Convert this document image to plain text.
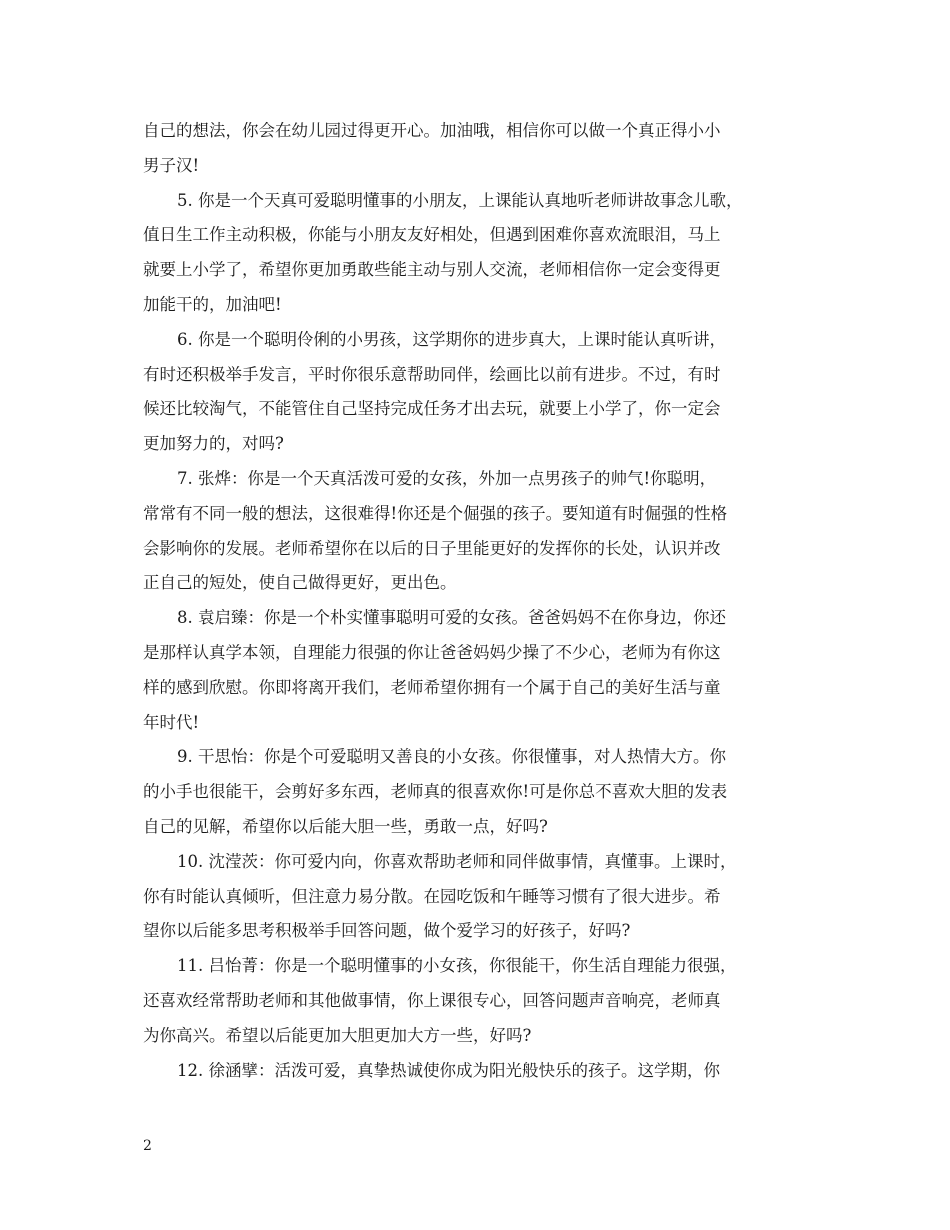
自己的想法，你会在幼儿园过得更开心。加油哦，相信你可以做一个真正得小小
男子汉!
5. 你是一个天真可爱聪明懂事的小朋友，上课能认真地听老师讲故事念儿歌，
值日生工作主动积极，你能与小朋友友好相处，但遇到困难你喜欢流眼泪，马上
就要上小学了，希望你更加勇敢些能主动与别人交流，老师相信你一定会变得更
加能干的，加油吧!
6. 你是一个聪明伶俐的小男孩，这学期你的进步真大，上课时能认真听讲，
有时还积极举手发言，平时你很乐意帮助同伴，绘画比以前有进步。不过，有时
候还比较淘气，不能管住自己坚持完成任务才出去玩，就要上小学了，你一定会
更加努力的，对吗?
7. 张烨：你是一个天真活泼可爱的女孩，外加一点男孩子的帅气!你聪明，
常常有不同一般的想法，这很难得!你还是个倔强的孩子。要知道有时倔强的性格
会影响你的发展。老师希望你在以后的日子里能更好的发挥你的长处，认识并改
正自己的短处，使自己做得更好，更出色。
8. 袁启臻：你是一个朴实懂事聪明可爱的女孩。爸爸妈妈不在你身边，你还
是那样认真学本领，自理能力很强的你让爸爸妈妈少操了不少心，老师为有你这
样的感到欣慰。你即将离开我们，老师希望你拥有一个属于自己的美好生活与童
年时代!
9. 干思怡：你是个可爱聪明又善良的小女孩。你很懂事，对人热情大方。你
的小手也很能干，会剪好多东西，老师真的很喜欢你!可是你总不喜欢大胆的发表
自己的见解，希望你以后能大胆一些，勇敢一点，好吗?
10. 沈滢茨：你可爱内向，你喜欢帮助老师和同伴做事情，真懂事。上课时，
你有时能认真倾听，但注意力易分散。在园吃饭和午睡等习惯有了很大进步。希
望你以后能多思考积极举手回答问题，做个爱学习的好孩子，好吗?
11. 吕怡菁：你是一个聪明懂事的小女孩，你很能干，你生活自理能力很强，
还喜欢经常帮助老师和其他做事情，你上课很专心，回答问题声音响亮，老师真
为你高兴。希望以后能更加大胆更加大方一些，好吗?
12. 徐涵擘：活泼可爱，真挚热诚使你成为阳光般快乐的孩子。这学期，你
2
